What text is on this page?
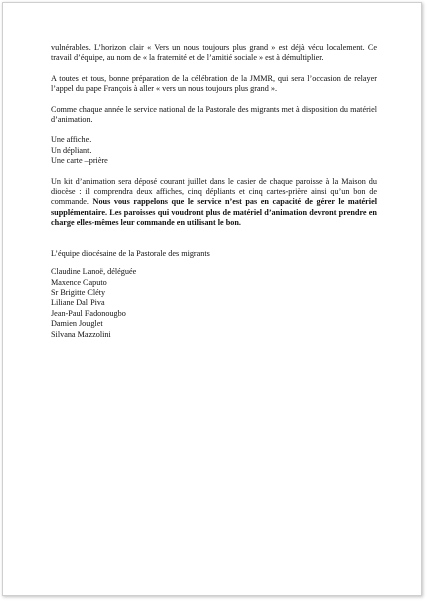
vulnérables. L’horizon clair « Vers un nous toujours plus grand » est déjà vécu localement. Ce travail d’équipe, au nom de « la fraternité et de l’amitié sociale » est à démultiplier.

A toutes et tous, bonne préparation de la célébration de la JMMR, qui sera l’occasion de relayer l’appel du pape François à aller « vers un nous toujours plus grand ».

Comme chaque année le service national de la Pastorale des migrants met à disposition du matériel d’animation.

Une affiche.
Un dépliant.
Une carte –prière

Un kit d’animation sera déposé courant juillet dans le casier de chaque paroisse à la Maison du diocèse : il comprendra deux affiches, cinq dépliants et cinq cartes-prière ainsi qu’un bon de commande. Nous vous rappelons que le service n’est pas en capacité de gérer le matériel supplémentaire. Les paroisses qui voudront plus de matériel d’animation devront prendre en charge elles-mêmes leur commande en utilisant le bon.

L’équipe diocésaine de la Pastorale des migrants

Claudine Lanoë, déléguée
Maxence Caputo
Sr Brigitte Cléty
Liliane Dal Piva
Jean-Paul Fadonougbo
Damien Jouglet
Silvana Mazzolini
